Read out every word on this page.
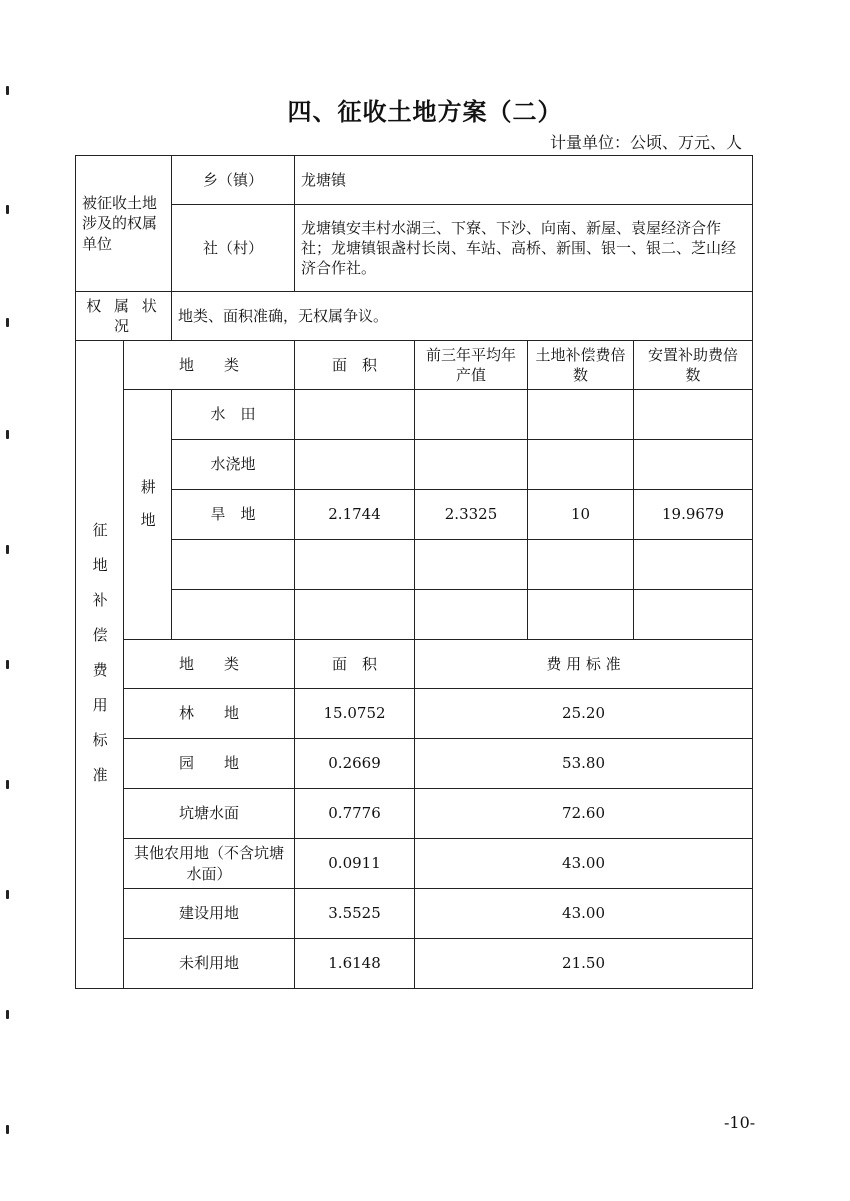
四、征收土地方案（二）
计量单位：公顷、万元、人
被征收土地涉及的权属单位		乡（镇）	龙塘镇			
		社（村）	龙塘镇安丰村水湖三、下寮、下沙、向南、新屋、袁屋经济合作社；龙塘镇银盏村长岗、车站、高桥、新围、银一、银二、芝山经济合作社。			
权 属 状 况		地类、面积准确，无权属争议。				
征地补偿费用标准	地　　类		面　积	前三年平均年产值	土地补偿费倍　数	安置补助费倍　数
	耕地	水　田				
		水浇地				
		旱　地	2.1744	2.3325	10	19.9679

	地　　类		面　积	费 用 标 准		
	林　　地		15.0752	25.20		
	园　　地		0.2669	53.80		
	坑塘水面		0.7776	72.60		
	其他农用地（不含坑塘水面）		0.0911	43.00		
	建设用地		3.5525	43.00		
	未利用地		1.6148	21.50		
-10-
